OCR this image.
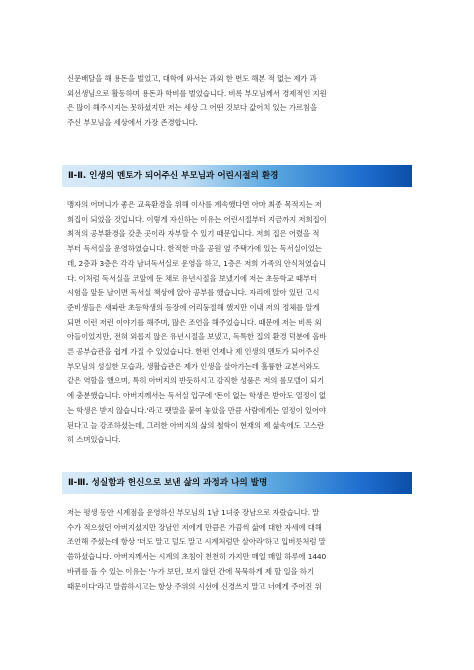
신문배달을 해 용돈을 벌었고, 대학에 와서는 과외 한 번도 해본 적 없는 제가 과
외선생님으로 활동하며 용돈과 학비를 벌었습니다. 비록 부모님께서 경제적인 지원
은 많이 해주시지는 못하셨지만 저는 세상 그 어떤 것보다 값어치 있는 가르침을
주신 부모님을 세상에서 가장 존경합니다.
Ⅱ-Ⅱ. 인생의 멘토가 되어주신 부모님과 어린시절의 환경
맹자의 어머니가 좋은 교육환경을 위해 이사를 계속했다면 아마 최종 목적지는 저
희집이 되었을 것입니다. 이렇게 자신하는 이유는 어린시절부터 지금까지 저희집이
최적의 공부환경을 갖춘 곳이라 자부할 수 있기 때문입니다. 저희 집은 어렸을 적
부터 독서실을 운영하였습니다. 한적한 마을 공원 옆 주택가에 있는 독서실이었는
데, 2층과 3층은 각각 남녀독서실로 운영을 하고, 1층은 저희 가족의 안식처였습니
다. 이처럼 독서실을 코앞에 둔 채로 유년시절을 보냈기에 저는 초등학교 때부터
시험을 앞둔 날이면 독서실 책상에 앉아 공부를 했습니다. 자리에 앉아 있던 고시
준비생들은 새파란 초등학생의 등장에 어리둥절해 했지만 이내 저의 정체를 알게
되면 이런 저런 이야기를 해주며, 많은 조언을 해주었습니다. 때문에 저는 비록 외
아들이었지만, 전혀 외롭지 않은 유년시절을 보냈고, 독특한 집의 환경 덕분에 올바
른 공부습관을 쉽게 가질 수 있었습니다. 한편 언제나 제 인생의 멘토가 되어주신
부모님의 성실한 모습과, 생활습관은 제가 인생을 살아가는데 훌륭한 교본서와도
같은 역할을 했으며, 특히 아버지의 반듯하시고 강직한 성품은 저의 롤모델이 되기
에 충분했습니다. 아버지께서는 독서실 입구에 '돈이 없는 학생은 받아도 열정이 없
는 학생은 받지 않습니다.'라고 팻말을 붙여 놓았을 만큼 사람에게는 열정이 있어야
된다고 늘 강조하셨는데, 그러한 아버지의 삶의 철학이 현재의 제 삶속에도 고스란
히 스며있습니다.
Ⅱ-Ⅲ. 성실함과 헌신으로 보낸 삶의 과정과 나의 발명
저는 평생 동안 시계점을 운영하신 부모님의 1남 1녀중 장남으로 자랐습니다. 말
수가 적으셨던 아버지셨지만 장남인 저에게 만큼은 가끔씩 삶에 대한 자세에 대해
조언해 주셨는데 항상 '더도 말고 덜도 말고 시계처럼만 살아라'하고 입버릇처럼 말
씀하셨습니다. 아버지께서는 시계의 초침이 천천히 가지만 매일 매일 하루에 1440
바퀴를 돌 수 있는 이유는 '누가 보던, 보지 않던 간에 묵묵하게 제 할 일을 하기
때문이다'라고 말씀하시고는 항상 주위의 시선에 신경쓰지 말고 너에게 주어진 위
